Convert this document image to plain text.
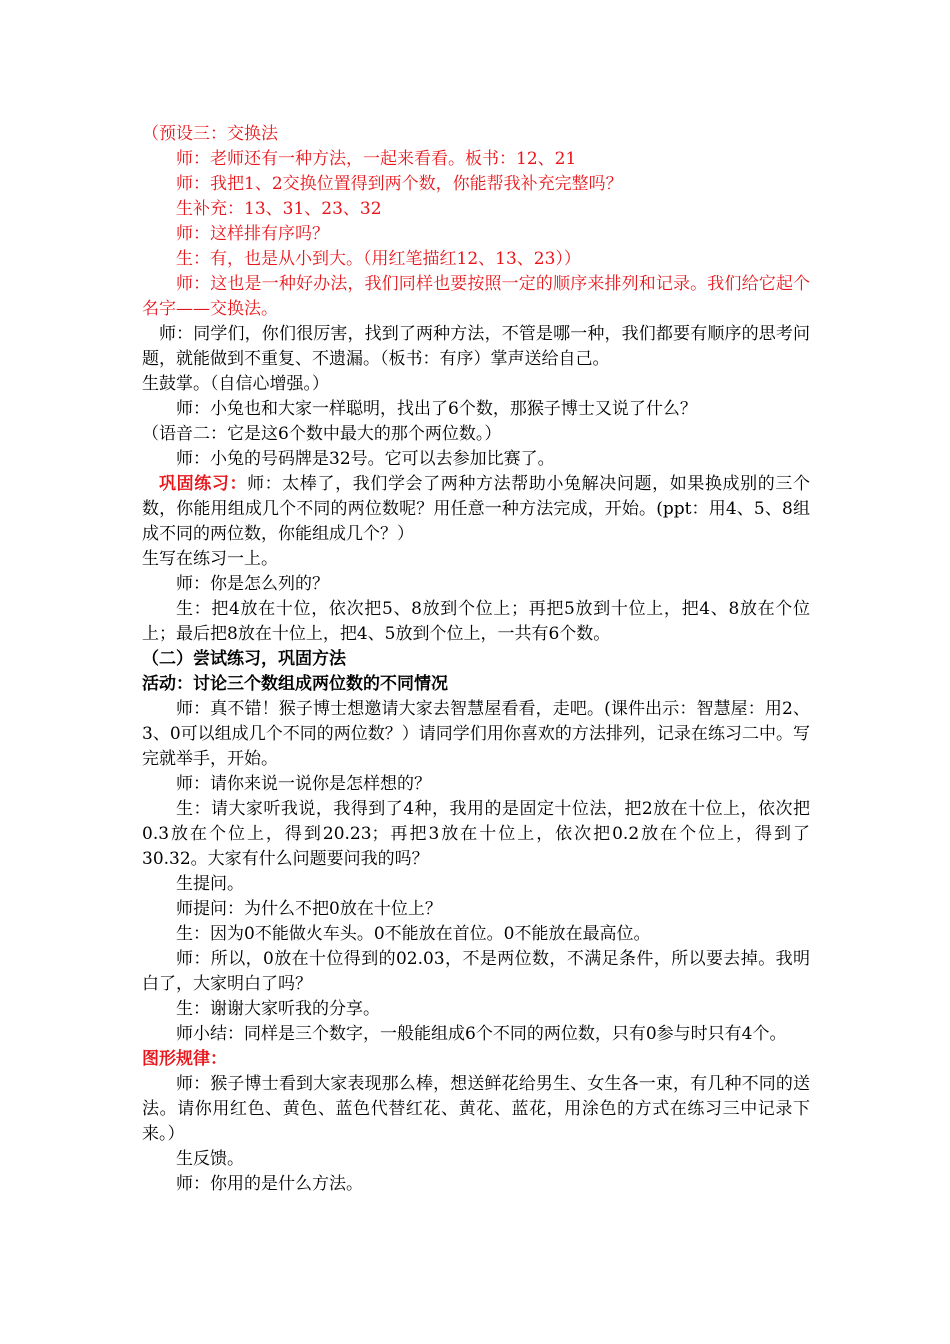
（预设三：交换法

师：老师还有一种方法，一起来看看。板书：12、21

师：我把1、2交换位置得到两个数，你能帮我补充完整吗？

生补充：13、31、23、32

师：这样排有序吗？

生：有，也是从小到大。（用红笔描红12、13、23））

师：这也是一种好办法，我们同样也要按照一定的顺序来排列和记录。我们给它起个名字——交换法。

师：同学们，你们很厉害，找到了两种方法，不管是哪一种，我们都要有顺序的思考问题，就能做到不重复、不遗漏。（板书：有序）掌声送给自己。

生鼓掌。（自信心增强。）

师：小兔也和大家一样聪明，找出了6个数，那猴子博士又说了什么？

（语音二：它是这6个数中最大的那个两位数。）

师：小兔的号码牌是32号。它可以去参加比赛了。

巩固练习：师：太棒了，我们学会了两种方法帮助小兔解决问题，如果换成别的三个数，你能用组成几个不同的两位数呢？用任意一种方法完成，开始。(ppt：用4、5、8组成不同的两位数，你能组成几个？）

生写在练习一上。

师：你是怎么列的？

生：把4放在十位，依次把5、8放到个位上；再把5放到十位上，把4、8放在个位上；最后把8放在十位上，把4、5放到个位上，一共有6个数。

（二）尝试练习，巩固方法

活动：讨论三个数组成两位数的不同情况

师：真不错！猴子博士想邀请大家去智慧屋看看，走吧。(课件出示：智慧屋：用2、3、0可以组成几个不同的两位数？）请同学们用你喜欢的方法排列，记录在练习二中。写完就举手，开始。

师：请你来说一说你是怎样想的？

生：请大家听我说，我得到了4种，我用的是固定十位法，把2放在十位上，依次把0.3放在个位上，得到20.23；再把3放在十位上，依次把0.2放在个位上，得到了30.32。大家有什么问题要问我的吗？

生提问。

师提问：为什么不把0放在十位上？

生：因为0不能做火车头。0不能放在首位。0不能放在最高位。

师：所以，0放在十位得到的02.03，不是两位数，不满足条件，所以要去掉。我明白了，大家明白了吗？

生：谢谢大家听我的分享。

师小结：同样是三个数字，一般能组成6个不同的两位数，只有0参与时只有4个。

图形规律：

师：猴子博士看到大家表现那么棒，想送鲜花给男生、女生各一束，有几种不同的送法。请你用红色、黄色、蓝色代替红花、黄花、蓝花，用涂色的方式在练习三中记录下来。）

生反馈。

师：你用的是什么方法。
